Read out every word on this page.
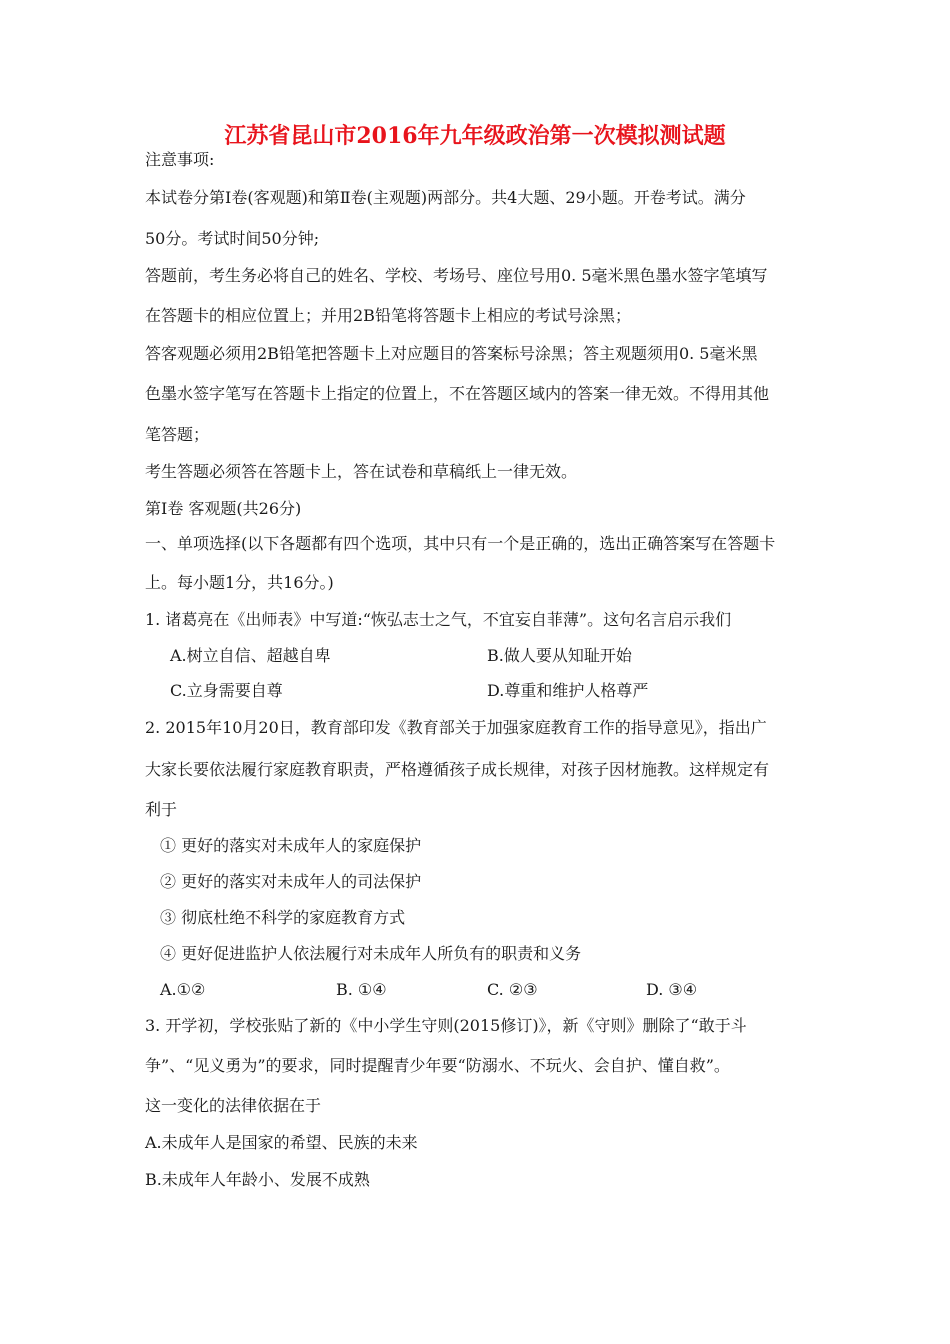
江苏省昆山市2016年九年级政治第一次模拟测试题
注意事项:
本试卷分第Ⅰ卷(客观题)和第Ⅱ卷(主观题)两部分。共4大题、29小题。开卷考试。满分
50分。考试时间50分钟;
答题前，考生务必将自己的姓名、学校、考场号、座位号用0. 5毫米黑色墨水签字笔填写
在答题卡的相应位置上；并用2B铅笔将答题卡上相应的考试号涂黑；
答客观题必须用2B铅笔把答题卡上对应题目的答案标号涂黑；答主观题须用0. 5毫米黑
色墨水签字笔写在答题卡上指定的位置上，不在答题区域内的答案一律无效。不得用其他
笔答题；
考生答题必须答在答题卡上，答在试卷和草稿纸上一律无效。
第Ⅰ卷 客观题(共26分)
一、单项选择(以下各题都有四个选项，其中只有一个是正确的，选出正确答案写在答题卡
上。每小题1分，共16分。)
1. 诸葛亮在《出师表》中写道:“恢弘志士之气，不宜妄自菲薄”。这句名言启示我们
A.树立自信、超越自卑	B.做人要从知耻开始
C.立身需要自尊	D.尊重和维护人格尊严
2. 2015年10月20日，教育部印发《教育部关于加强家庭教育工作的指导意见》，指出广
大家长要依法履行家庭教育职责，严格遵循孩子成长规律，对孩子因材施教。这样规定有
利于
① 更好的落实对未成年人的家庭保护
② 更好的落实对未成年人的司法保护
③ 彻底杜绝不科学的家庭教育方式
④ 更好促进监护人依法履行对未成年人所负有的职责和义务
A.①②	B. ①④	C. ②③	D. ③④
3. 开学初，学校张贴了新的《中小学生守则(2015修订)》，新《守则》删除了“敢于斗
争”、“见义勇为”的要求，同时提醒青少年要“防溺水、不玩火、会自护、懂自救”。
这一变化的法律依据在于
A.未成年人是国家的希望、民族的未来
B.未成年人年龄小、发展不成熟
